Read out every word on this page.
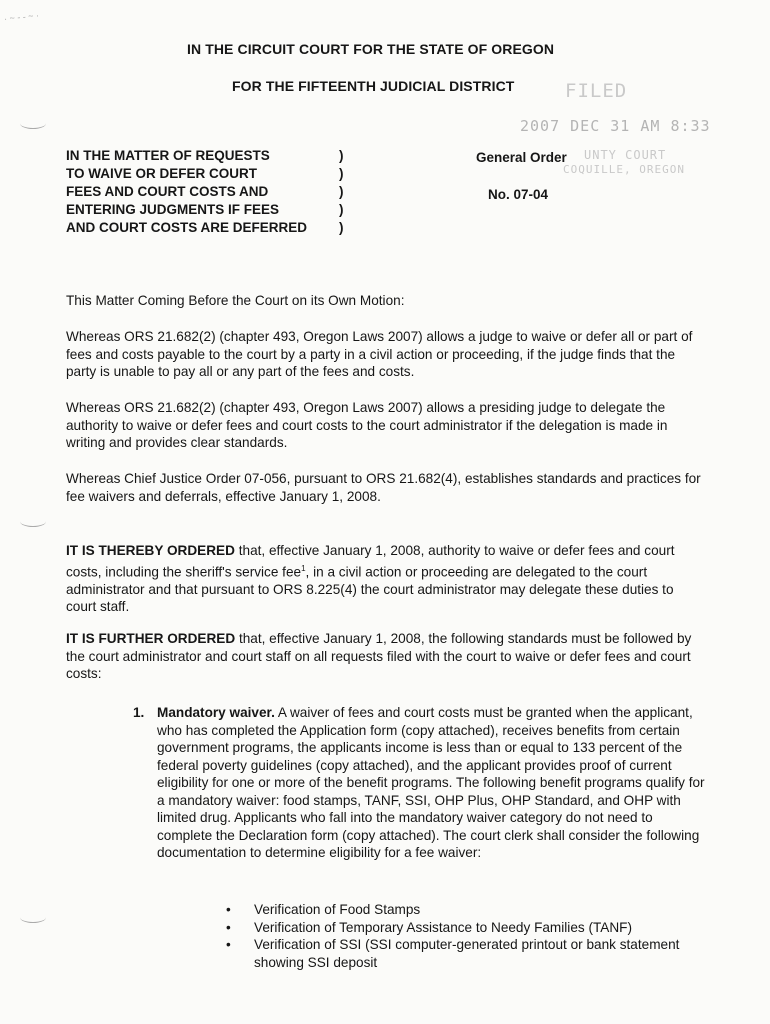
· ~ - - ~ ·
IN THE CIRCUIT COURT FOR THE STATE OF OREGON
FOR THE FIFTEENTH JUDICIAL DISTRICT	FILED
2007 DEC 31 AM 8:33
UNTY COURT
COQUILLE, OREGON
IN THE MATTER OF REQUESTS
TO WAIVE OR DEFER COURT
FEES AND COURT COSTS AND
ENTERING JUDGMENTS IF FEES
AND COURT COSTS ARE DEFERRED
)
)
)
)
)
General Order
No. 07-04

This Matter Coming Before the Court on its Own Motion:

Whereas ORS 21.682(2) (chapter 493, Oregon Laws 2007) allows a judge to waive or defer all or part of fees and costs payable to the court by a party in a civil action or proceeding, if the judge finds that the party is unable to pay all or any part of the fees and costs.

Whereas ORS 21.682(2) (chapter 493, Oregon Laws 2007) allows a presiding judge to delegate the authority to waive or defer fees and court costs to the court administrator if the delegation is made in writing and provides clear standards.

Whereas Chief Justice Order 07-056, pursuant to ORS 21.682(4), establishes standards and practices for fee waivers and deferrals, effective January 1, 2008.

IT IS THEREBY ORDERED that, effective January 1, 2008, authority to waive or defer fees and court costs, including the sheriff's service fee$^1$, in a civil action or proceeding are delegated to the court administrator and that pursuant to ORS 8.225(4) the court administrator may delegate these duties to court staff.

IT IS FURTHER ORDERED that, effective January 1, 2008, the following standards must be followed by the court administrator and court staff on all requests filed with the court to waive or defer fees and court costs:

1. Mandatory waiver. A waiver of fees and court costs must be granted when the applicant, who has completed the Application form (copy attached), receives benefits from certain government programs, the applicants income is less than or equal to 133 percent of the federal poverty guidelines (copy attached), and the applicant provides proof of current eligibility for one or more of the benefit programs. The following benefit programs qualify for a mandatory waiver: food stamps, TANF, SSI, OHP Plus, OHP Standard, and OHP with limited drug. Applicants who fall into the mandatory waiver category do not need to complete the Declaration form (copy attached). The court clerk shall consider the following documentation to determine eligibility for a fee waiver:

• Verification of Food Stamps
• Verification of Temporary Assistance to Needy Families (TANF)
• Verification of SSI (SSI computer-generated printout or bank statement showing SSI deposit
